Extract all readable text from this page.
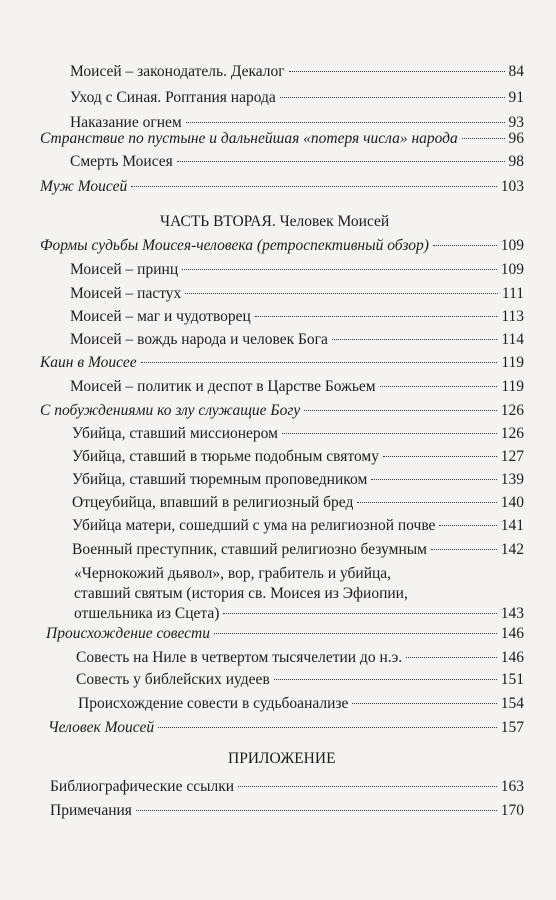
Моисей – законодатель. Декалог	84
Уход с Синая. Роптания народа	91
Наказание огнем	93
Странствие по пустыне и дальнейшая «потеря числа» народа	96
Смерть Моисея	98
Муж Моисей	103
ЧАСТЬ ВТОРАЯ. Человек Моисей
Формы судьбы Моисея-человека (ретроспективный обзор)	109
Моисей – принц	109
Моисей – пастух	111
Моисей – маг и чудотворец	113
Моисей – вождь народа и человек Бога	114
Каин в Моисее	119
Моисей – политик и деспот в Царстве Божьем	119
С побуждениями ко злу служащие Богу	126
Убийца, ставший миссионером	126
Убийца, ставший в тюрьме подобным святому	127
Убийца, ставший тюремным проповедником	139
Отцеубийца, впавший в религиозный бред	140
Убийца матери, сошедший с ума на религиозной почве	141
Военный преступник, ставший религиозно безумным	142
«Чернокожий дьявол», вор, грабитель и убийца,
ставший святым (история св. Моисея из Эфиопии,
отшельника из Сцета)	143
Происхождение совести	146
Совесть на Ниле в четвертом тысячелетии до н.э.	146
Совесть у библейских иудеев	151
Происхождение совести в судьбоанализе	154
Человек Моисей	157
ПРИЛОЖЕНИЕ
Библиографические ссылки	163
Примечания	170
